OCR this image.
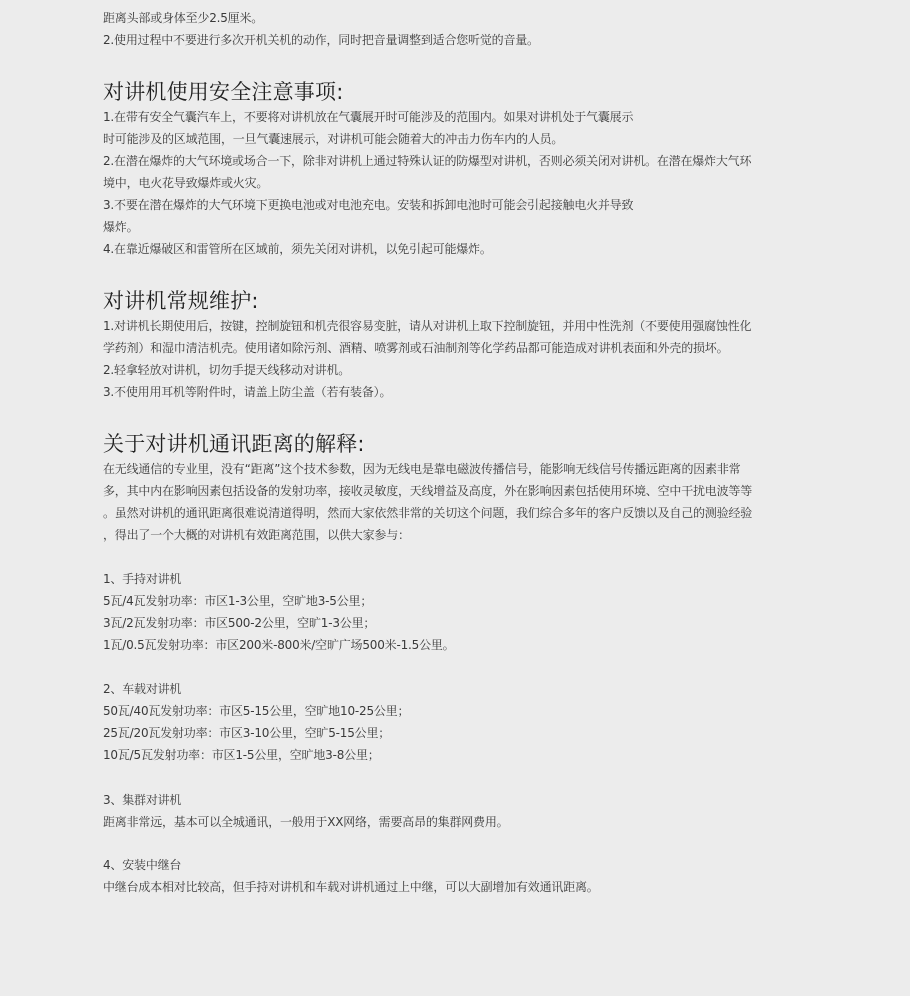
距离头部或身体至少2.5厘米。
2.使用过程中不要进行多次开机关机的动作，同时把音量调整到适合您听觉的音量。
对讲机使用安全注意事项:
1.在带有安全气囊汽车上，不要将对讲机放在气囊展开时可能涉及的范围内。如果对讲机处于气囊展示
时可能涉及的区域范围，一旦气囊速展示，对讲机可能会随着大的冲击力伤车内的人员。
2.在潜在爆炸的大气环境或场合一下，除非对讲机上通过特殊认证的防爆型对讲机，否则必须关闭对讲机。在潜在爆炸大气环
境中，电火花导致爆炸或火灾。
3.不要在潜在爆炸的大气环境下更换电池或对电池充电。安装和拆卸电池时可能会引起接触电火并导致
爆炸。
4.在靠近爆破区和雷管所在区域前，须先关闭对讲机，以免引起可能爆炸。
对讲机常规维护:
1.对讲机长期使用后，按键，控制旋钮和机壳很容易变脏，请从对讲机上取下控制旋钮，并用中性洗剂（不要使用强腐蚀性化
学药剂）和湿巾清洁机壳。使用诸如除污剂、酒精、喷雾剂或石油制剂等化学药品都可能造成对讲机表面和外壳的损坏。
2.轻拿轻放对讲机，切勿手提天线移动对讲机。
3.不使用用耳机等附件时，请盖上防尘盖（若有装备）。
关于对讲机通讯距离的解释:
在无线通信的专业里，没有“距离”这个技术参数，因为无线电是靠电磁波传播信号，能影响无线信号传播远距离的因素非常
多，其中内在影响因素包括设备的发射功率，接收灵敏度，天线增益及高度，外在影响因素包括使用环境、空中干扰电波等等
。虽然对讲机的通讯距离很难说清道得明，然而大家依然非常的关切这个问题，我们综合多年的客户反馈以及自己的测验经验
，得出了一个大概的对讲机有效距离范围，以供大家参与：
1、手持对讲机
5瓦/4瓦发射功率：市区1-3公里，空旷地3-5公里；
3瓦/2瓦发射功率：市区500-2公里，空旷1-3公里；
1瓦/0.5瓦发射功率：市区200米-800米/空旷广场500米-1.5公里。
2、车载对讲机
50瓦/40瓦发射功率：市区5-15公里，空旷地10-25公里；
25瓦/20瓦发射功率：市区3-10公里，空旷5-15公里；
10瓦/5瓦发射功率：市区1-5公里，空旷地3-8公里；
3、集群对讲机
距离非常远，基本可以全城通讯，一般用于XX网络，需要高昂的集群网费用。
4、安装中继台
中继台成本相对比较高，但手持对讲机和车载对讲机通过上中继，可以大副增加有效通讯距离。
